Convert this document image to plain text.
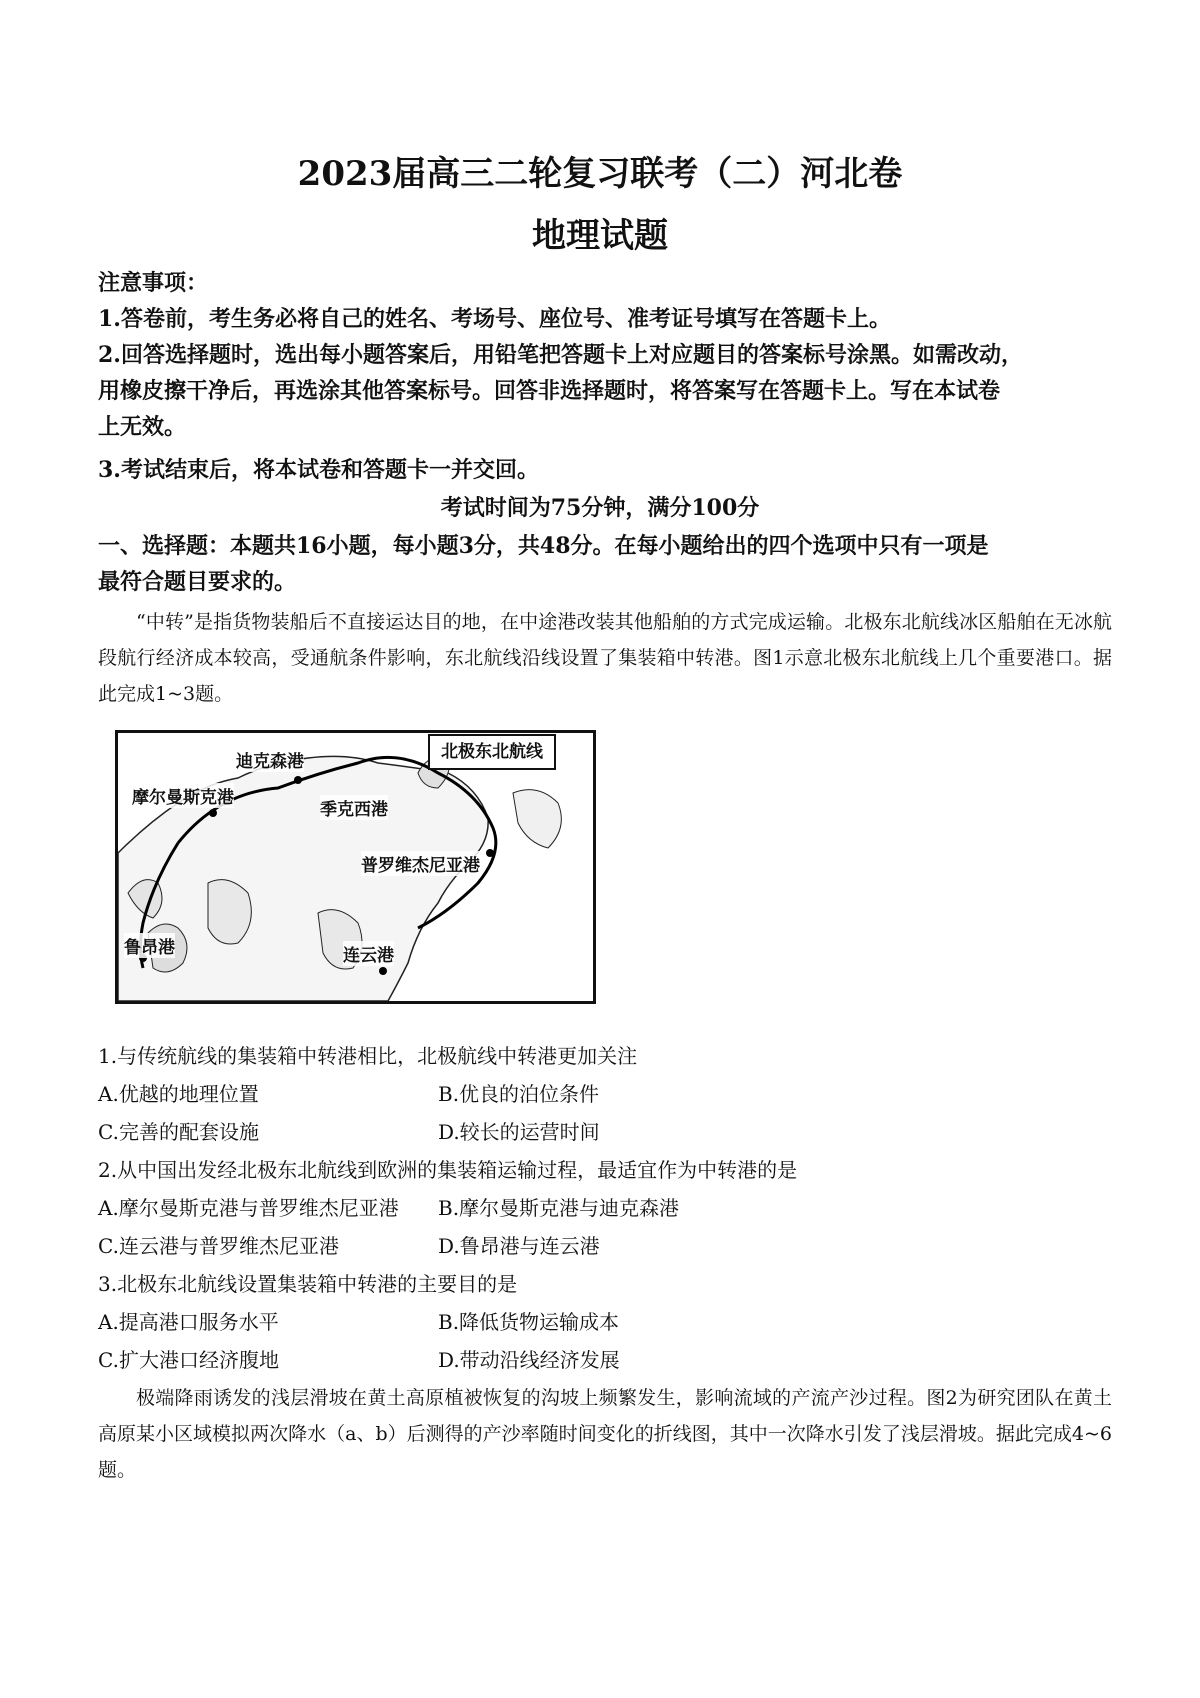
2023届高三二轮复习联考（二）河北卷
地理试题
注意事项：
1.答卷前，考生务必将自己的姓名、考场号、座位号、准考证号填写在答题卡上。
2.回答选择题时，选出每小题答案后，用铅笔把答题卡上对应题目的答案标号涂黑。如需改动，
用橡皮擦干净后，再选涂其他答案标号。回答非选择题时，将答案写在答题卡上。写在本试卷
上无效。
3.考试结束后，将本试卷和答题卡一并交回。
考试时间为75分钟，满分100分
一、选择题：本题共16小题，每小题3分，共48分。在每小题给出的四个选项中只有一项是
最符合题目要求的。
“中转”是指货物装船后不直接运达目的地，在中途港改装其他船舶的方式完成运输。北极东北航线冰区船舶在无冰航段航行经济成本较高，受通航条件影响，东北航线沿线设置了集装箱中转港。图1示意北极东北航线上几个重要港口。据此完成1~3题。
迪克森港
摩尔曼斯克港
季克西港
普罗维杰尼亚港
鲁昂港	连云港
北极东北航线
1.与传统航线的集装箱中转港相比，北极航线中转港更加关注
A.优越的地理位置	B.优良的泊位条件
C.完善的配套设施	D.较长的运营时间
2.从中国出发经北极东北航线到欧洲的集装箱运输过程，最适宜作为中转港的是
A.摩尔曼斯克港与普罗维杰尼亚港 B.摩尔曼斯克港与迪克森港
C.连云港与普罗维杰尼亚港	D.鲁昂港与连云港
3.北极东北航线设置集装箱中转港的主要目的是
A.提高港口服务水平	B.降低货物运输成本
C.扩大港口经济腹地	D.带动沿线经济发展
极端降雨诱发的浅层滑坡在黄土高原植被恢复的沟坡上频繁发生，影响流域的产流产沙过程。图2为研究团队在黄土高原某小区域模拟两次降水（a、b）后测得的产沙率随时间变化的折线图，其中一次降水引发了浅层滑坡。据此完成4~6题。
